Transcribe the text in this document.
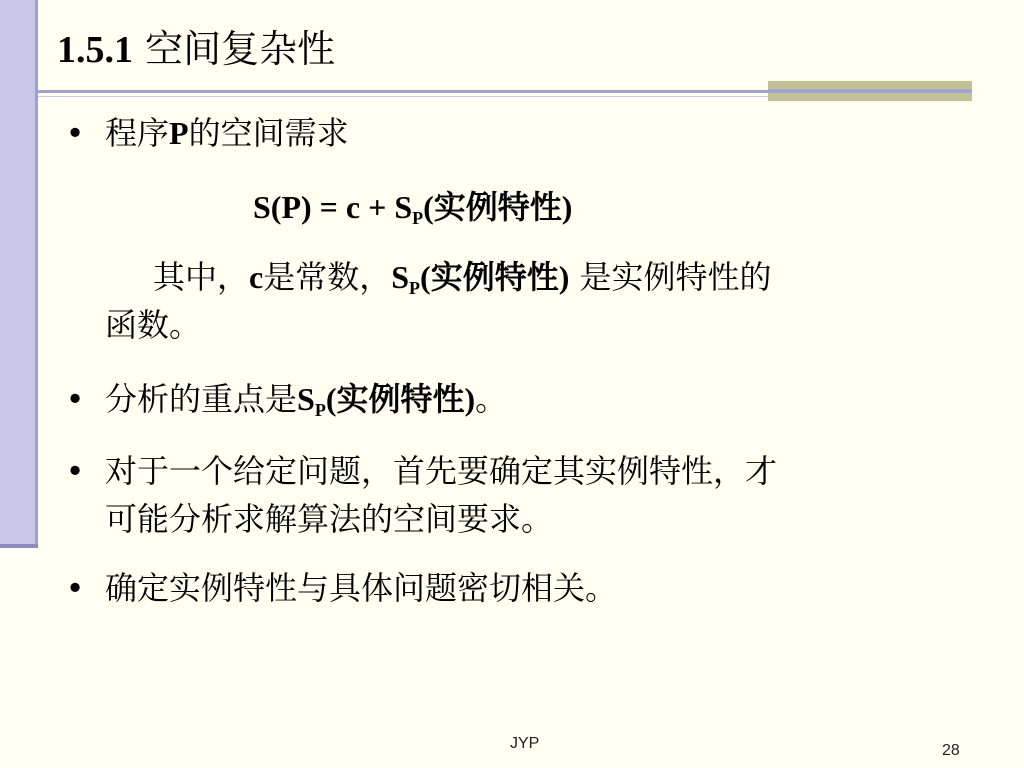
1.5.1 空间复杂性
• 程序P的空间需求
$S(P) = c + S_P$(实例特性)
其中，c是常数，$S_P$(实例特性) 是实例特性的
函数。
• 分析的重点是$S_P$(实例特性)。
• 对于一个给定问题，首先要确定其实例特性，才
可能分析求解算法的空间要求。
• 确定实例特性与具体问题密切相关。
JYP	28
